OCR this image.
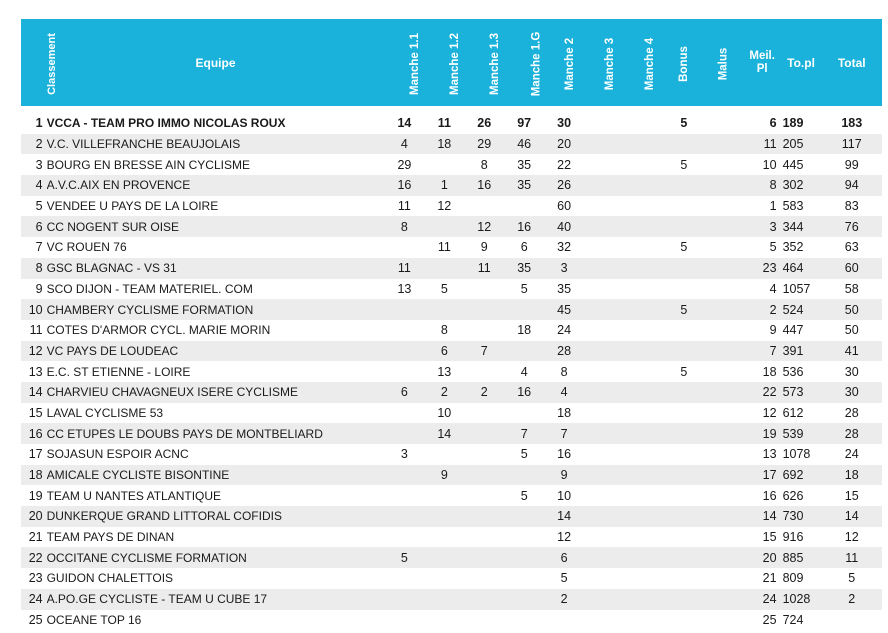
Classement	Equipe	Manche 1.1	Manche 1.2	Manche 1.3	Manche 1.G	Manche 2	Manche 3	Manche 4	Bonus	Malus	Meil. Pl	To.pl	Total

1	VCCA - TEAM PRO IMMO NICOLAS ROUX	14	11	26	97	30			5		6	189	183
2	V.C. VILLEFRANCHE BEAUJOLAIS	4	18	29	46	20					11	205	117
3	BOURG EN BRESSE AIN CYCLISME	29		8	35	22			5		10	445	99
4	A.V.C.AIX EN PROVENCE	16	1	16	35	26					8	302	94
5	VENDEE U PAYS DE LA LOIRE	11	12			60					1	583	83
6	CC NOGENT SUR OISE	8		12	16	40					3	344	76
7	VC ROUEN 76		11	9	6	32			5		5	352	63
8	GSC BLAGNAC - VS 31	11		11	35	3					23	464	60
9	SCO DIJON - TEAM MATERIEL. COM	13	5		5	35					4	1057	58
10	CHAMBERY CYCLISME FORMATION					45			5		2	524	50
11	COTES D'ARMOR CYCL. MARIE MORIN		8		18	24					9	447	50
12	VC PAYS DE LOUDEAC		6	7		28					7	391	41
13	E.C. ST ETIENNE - LOIRE		13		4	8			5		18	536	30
14	CHARVIEU CHAVAGNEUX ISERE CYCLISME	6	2	2	16	4					22	573	30
15	LAVAL CYCLISME 53		10			18					12	612	28
16	CC ETUPES LE DOUBS PAYS DE MONTBELIARD		14		7	7					19	539	28
17	SOJASUN ESPOIR ACNC	3			5	16					13	1078	24
18	AMICALE CYCLISTE BISONTINE		9			9					17	692	18
19	TEAM U NANTES ATLANTIQUE				5	10					16	626	15
20	DUNKERQUE GRAND LITTORAL COFIDIS					14					14	730	14
21	TEAM PAYS DE DINAN					12					15	916	12
22	OCCITANE CYCLISME FORMATION	5				6					20	885	11
23	GUIDON CHALETTOIS					5					21	809	5
24	A.PO.GE CYCLISTE - TEAM U CUBE 17					2					24	1028	2
25	OCEANE TOP 16										25	724	
